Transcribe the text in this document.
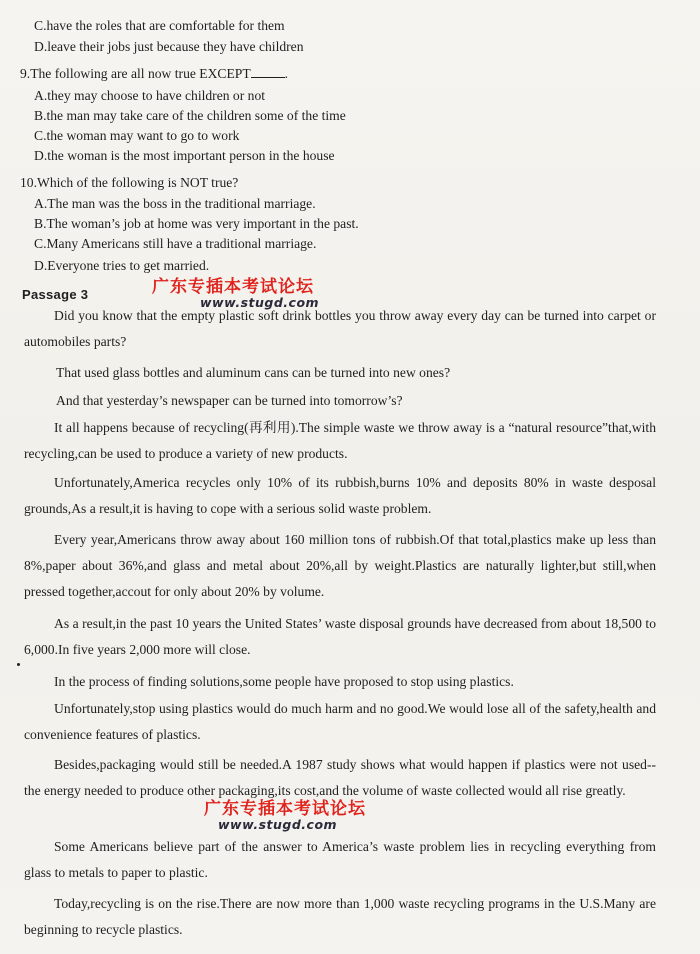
C.have the roles that are comfortable for them
D.leave their jobs just because they have children
9.The following are all now true EXCEPT	.
A.they may choose to have children or not
B.the man may take care of the children some of the time
C.the woman may want to go to work
D.the woman is the most important person in the house
10.Which of the following is NOT true?
A.The man was the boss in the traditional marriage.
B.The woman’s job at home was very important in the past.
C.Many Americans still have a traditional marriage.
D.Everyone tries to get married.
广东专插本考试论坛
www.stugd.com
Passage 3
Did you know that the empty plastic soft drink bottles you throw away every day can be turned into carpet or automobiles parts?
That used glass bottles and aluminum cans can be turned into new ones?
And that yesterday’s newspaper can be turned into tomorrow’s?
It all happens because of recycling(再利用).The simple waste we throw away is a “natural resource”that,with recycling,can be used to produce a variety of new products.
Unfortunately,America recycles only 10% of its rubbish,burns 10% and deposits 80% in waste desposal grounds,As a result,it is having to cope with a serious solid waste problem.
Every year,Americans throw away about 160 million tons of rubbish.Of that total,plastics make up less than 8%,paper about 36%,and glass and metal about 20%,all by weight.Plastics are naturally lighter,but still,when pressed together,accout for only about 20% by volume.
As a result,in the past 10 years the United States’ waste disposal grounds have decreased from about 18,500 to 6,000.In five years 2,000 more will close.
In the process of finding solutions,some people have proposed to stop using plastics.
Unfortunately,stop using plastics would do much harm and no good.We would lose all of the safety,health and convenience features of plastics.
Besides,packaging would still be needed.A 1987 study shows what would happen if plastics were not used--the energy needed to produce other packaging,its cost,and the volume of waste collected would all rise greatly.
Some Americans believe part of the answer to America’s waste problem lies in recycling everything from glass to metals to paper to plastic.
Today,recycling is on the rise.There are now more than 1,000 waste recycling programs in the U.S.Many are beginning to recycle plastics.
广东专插本考试论坛
www.stugd.com
